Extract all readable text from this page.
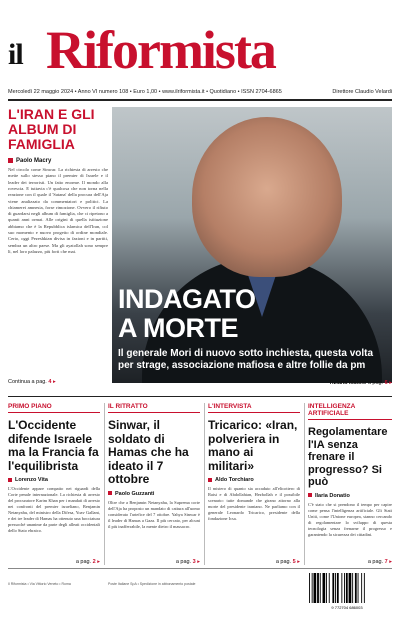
il Riformista
Mercoledì 22 maggio 2024 • Anno VI numero 108 • Euro 1,00 • www.ilriformista.it • Quotidiano • ISSN 2704-6865	Direttore Claudio Velardi

L'IRAN E GLI ALBUM DI FAMIGLIA

Paolo Macry
Nel circolo come Sinwar. La richiesta di arresto che mette sullo stesso piano il premier di Israele e il leader dei terroristi. Un fatto enorme. Il mondo alla rovescia. E tuttavia c'è qualcosa che non torna nella reazione con il quale il 'Satana' della procura dell'Aja viene analizzato da commentatori e politici. La chiamerei amnesia, forse rimozione. Ovvero il rifiuto di guardarsi negli album di famiglia, che ci ripetono a quanti anni ormai. Alle origini di quella istituzione abbiamo che è la Repubblica islamica dell'Iran, col suo momento e nuovo progetto di ordine mondiale. Certo, oggi Pezeshkian divisa in fazioni e in partiti, sembra un altro paese. Ma gli ayatollah sono sempre lì, nel loro palazzo, più forti che mai.
Continua a pag. 4 ▸
INDAGATO
A MORTE
Il generale Mori di nuovo sotto inchiesta, questa volta per strage, associazione mafiosa e altre follie da pm
Tiziana Maiolo a pag. 6 ▸

PRIMO PIANO

L'Occidente difende Israele ma la Francia fa l'equilibrista

Lorenzo Vita
L'Occidente appare compatto nei riguardi della Corte penale internazionale. La richiesta di arresto del procuratore Karim Khan per i mandati di arresto nei confronti del premier israeliano, Benjamin Netanyahu, del ministro della Difesa, Yoav Gallant, e dei tre leader di Hamas ha ottenuto una bocciatura pressoché unanime da parte degli alleati occidentali dello Stato ebraico.
a pag. 2 ▸

IL RITRATTO

Sinwar, il soldato di Hamas che ha ideato il 7 ottobre

Paolo Guzzanti
Oltre che a Benjamin Netanyahu, la Suprema corte dell'Aja ha proposto un mandato di cattura all'uomo considerato l'artefice del 7 ottobre. Yahya Sinwar è il leader di Hamas a Gaza. Il più cercato, per alcuni il più inafferrabile, la mente dietro il massacro.
a pag. 3 ▸

L'INTERVISTA

Tricarico: «Iran, polveriera in mano ai militari»

Aldo Torchiaro
Il mistero di quanto sia accaduto all'elicottero di Raisi e di Abdollahian, Hezbollah e il possibile scenario: tutte domande che girano attorno alla morte del presidente iraniano. Ne parliamo con il generale Leonardo Tricarico, presidente della fondazione Icsa.
a pag. 5 ▸

INTELLIGENZA ARTIFICIALE

Regolamentare l'IA senza frenare il progresso? Si può

Ilaria Donatio
C'è stato che si prendono il tempo per capire come pensa l'intelligenza artificiale. Gli Stati Uniti, come l'Unione europea, stanno cercando di regolamentare lo sviluppo di questa tecnologia senza frenarne il progresso e garantendo la sicurezza dei cittadini.
a pag. 7 ▸
Il Riformista • Via Vittorio Veneto • Roma	Poste Italiane SpA • Spedizione in abbonamento postale
9 772704 686003
